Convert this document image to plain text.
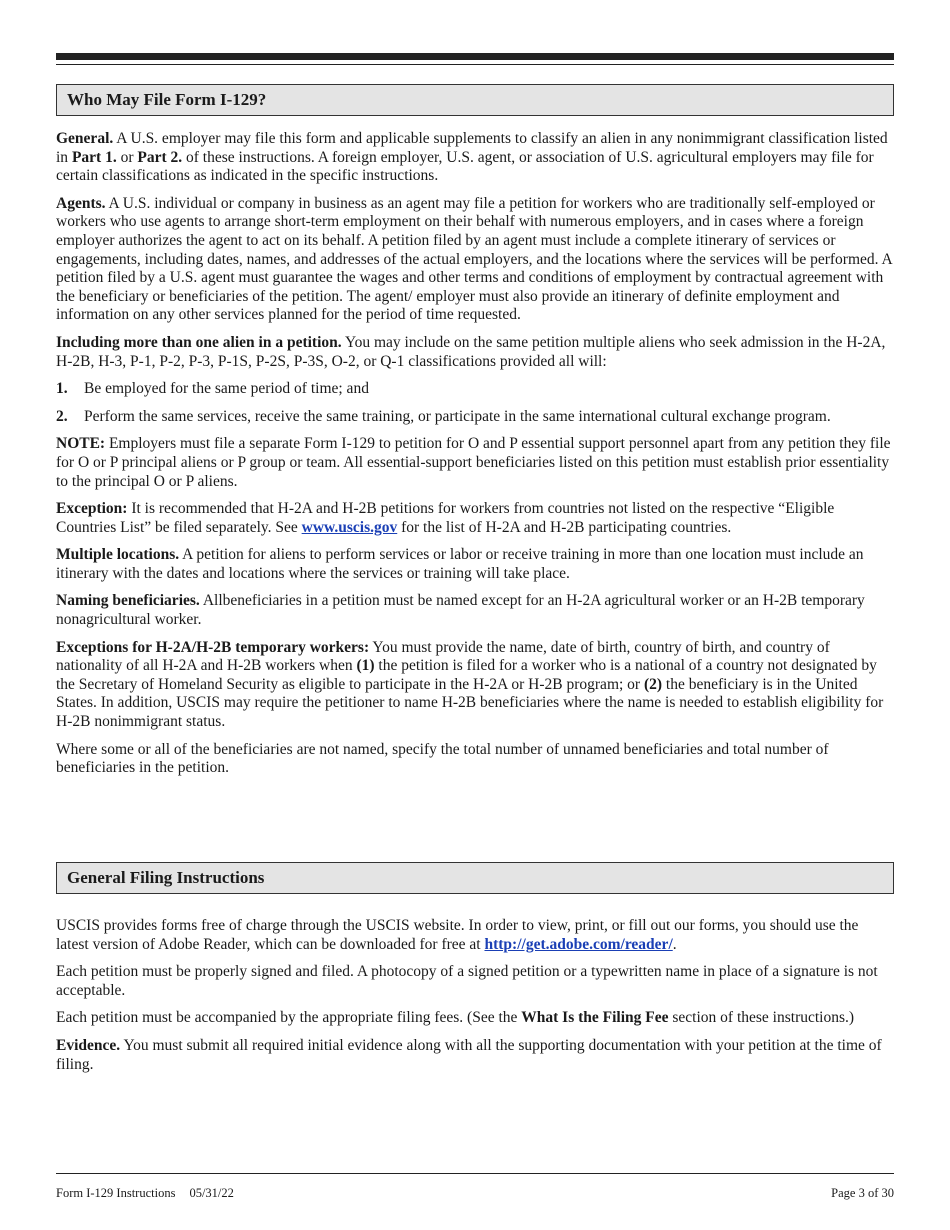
Who May File Form I-129?

General. A U.S. employer may file this form and applicable supplements to classify an alien in any nonimmigrant classification listed in Part 1. or Part 2. of these instructions. A foreign employer, U.S. agent, or association of U.S. agricultural employers may file for certain classifications as indicated in the specific instructions.

Agents. A U.S. individual or company in business as an agent may file a petition for workers who are traditionally self-employed or workers who use agents to arrange short-term employment on their behalf with numerous employers, and in cases where a foreign employer authorizes the agent to act on its behalf. A petition filed by an agent must include a complete itinerary of services or engagements, including dates, names, and addresses of the actual employers, and the locations where the services will be performed. A petition filed by a U.S. agent must guarantee the wages and other terms and conditions of employment by contractual agreement with the beneficiary or beneficiaries of the petition. The agent/ employer must also provide an itinerary of definite employment and information on any other services planned for the period of time requested.

Including more than one alien in a petition. You may include on the same petition multiple aliens who seek admission in the H-2A, H-2B, H-3, P-1, P-2, P-3, P-1S, P-2S, P-3S, O-2, or Q-1 classifications provided all will:

1.	Be employed for the same period of time; and
2.	Perform the same services, receive the same training, or participate in the same international cultural exchange program.

NOTE: Employers must file a separate Form I-129 to petition for O and P essential support personnel apart from any petition they file for O or P principal aliens or P group or team. All essential-support beneficiaries listed on this petition must establish prior essentiality to the principal O or P aliens.

Exception: It is recommended that H-2A and H-2B petitions for workers from countries not listed on the respective “Eligible Countries List” be filed separately. See www.uscis.gov for the list of H-2A and H-2B participating countries.

Multiple locations. A petition for aliens to perform services or labor or receive training in more than one location must include an itinerary with the dates and locations where the services or training will take place.

Naming beneficiaries. Allbeneficiaries in a petition must be named except for an H-2A agricultural worker or an H-2B temporary nonagricultural worker.

Exceptions for H-2A/H-2B temporary workers: You must provide the name, date of birth, country of birth, and country of nationality of all H-2A and H-2B workers when (1) the petition is filed for a worker who is a national of a country not designated by the Secretary of Homeland Security as eligible to participate in the H-2A or H-2B program; or (2) the beneficiary is in the United States. In addition, USCIS may require the petitioner to name H-2B beneficiaries where the name is needed to establish eligibility for H-2B nonimmigrant status.

Where some or all of the beneficiaries are not named, specify the total number of unnamed beneficiaries and total number of beneficiaries in the petition.

General Filing Instructions

USCIS provides forms free of charge through the USCIS website. In order to view, print, or fill out our forms, you should use the latest version of Adobe Reader, which can be downloaded for free at http://get.adobe.com/reader/.

Each petition must be properly signed and filed. A photocopy of a signed petition or a typewritten name in place of a signature is not acceptable.

Each petition must be accompanied by the appropriate filing fees. (See the What Is the Filing Fee section of these instructions.)

Evidence. You must submit all required initial evidence along with all the supporting documentation with your petition at the time of filing.

Form I-129 Instructions 05/31/22	Page 3 of 30
